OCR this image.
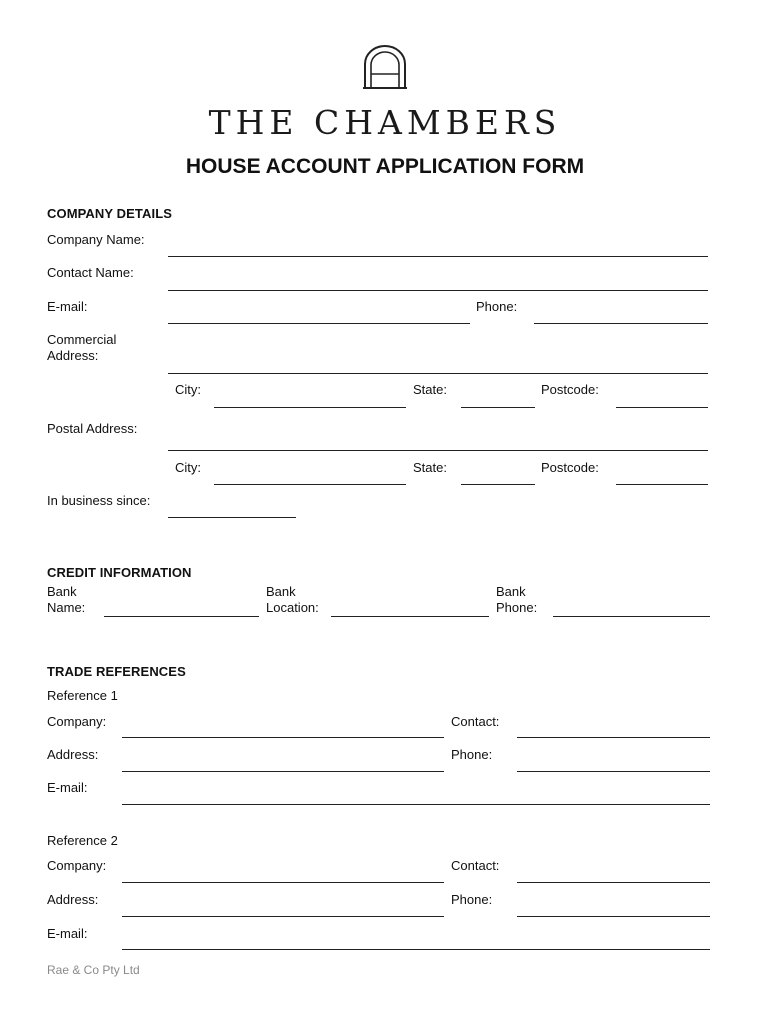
THE CHAMBERS
HOUSE ACCOUNT APPLICATION FORM
COMPANY DETAILS
Company Name:
Contact Name:
E-mail:	Phone:
Commercial
Address:
City:	State:	Postcode:
Postal Address:
City:	State:	Postcode:
In business since:
CREDIT INFORMATION
Bank
Name:
Bank
Location:
Bank
Phone:
TRADE REFERENCES
Reference 1
Company:	Contact:
Address:	Phone:
E-mail:
Reference 2
Company:	Contact:
Address:	Phone:
E-mail:
Rae & Co Pty Ltd
